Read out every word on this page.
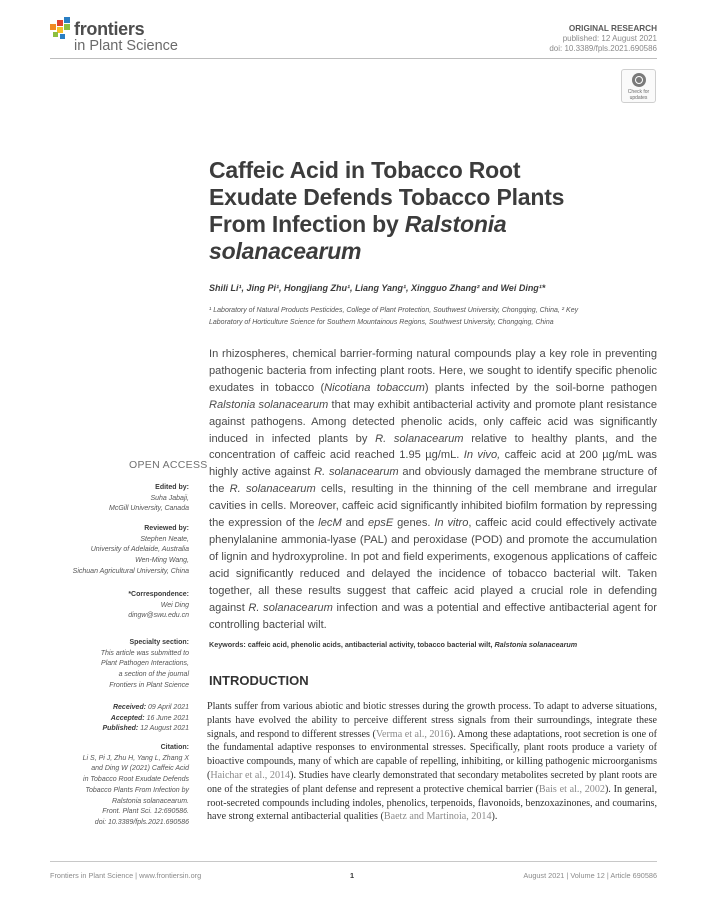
frontiers
in Plant Science
ORIGINAL RESEARCH
published: 12 August 2021
doi: 10.3389/fpls.2021.690586
Check for
updates
Caffeic Acid in Tobacco Root
Exudate Defends Tobacco Plants
From Infection by Ralstonia
solanacearum
Shili Li¹, Jing Pi¹, Hongjiang Zhu¹, Liang Yang¹, Xingguo Zhang² and Wei Ding¹*
¹ Laboratory of Natural Products Pesticides, College of Plant Protection, Southwest University, Chongqing, China, ² Key
Laboratory of Horticulture Science for Southern Mountainous Regions, Southwest University, Chongqing, China
In rhizospheres, chemical barrier-forming natural compounds play a key role in preventing pathogenic bacteria from infecting plant roots. Here, we sought to identify specific phenolic exudates in tobacco (Nicotiana tobaccum) plants infected by the soil-borne pathogen Ralstonia solanacearum that may exhibit antibacterial activity and promote plant resistance against pathogens. Among detected phenolic acids, only caffeic acid was significantly induced in infected plants by R. solanacearum relative to healthy plants, and the concentration of caffeic acid reached 1.95 µg/mL. In vivo, caffeic acid at 200 µg/mL was highly active against R. solanacearum and obviously damaged the membrane structure of the R. solanacearum cells, resulting in the thinning of the cell membrane and irregular cavities in cells. Moreover, caffeic acid significantly inhibited biofilm formation by repressing the expression of the lecM and epsE genes. In vitro, caffeic acid could effectively activate phenylalanine ammonia-lyase (PAL) and peroxidase (POD) and promote the accumulation of lignin and hydroxyproline. In pot and field experiments, exogenous applications of caffeic acid significantly reduced and delayed the incidence of tobacco bacterial wilt. Taken together, all these results suggest that caffeic acid played a crucial role in defending against R. solanacearum infection and was a potential and effective antibacterial agent for controlling bacterial wilt.
Keywords: caffeic acid, phenolic acids, antibacterial activity, tobacco bacterial wilt, Ralstonia solanacearum
INTRODUCTION
Plants suffer from various abiotic and biotic stresses during the growth process. To adapt to adverse situations, plants have evolved the ability to perceive different stress signals from their surroundings, integrate these signals, and respond to different stresses (Verma et al., 2016). Among these adaptations, root secretion is one of the fundamental adaptive responses to environmental stresses. Specifically, plant roots produce a variety of bioactive compounds, many of which are capable of repelling, inhibiting, or killing pathogenic microorganisms (Haichar et al., 2014). Studies have clearly demonstrated that secondary metabolites secreted by plant roots are one of the strategies of plant defense and represent a protective chemical barrier (Bais et al., 2002). In general, root-secreted compounds including indoles, phenolics, terpenoids, flavonoids, benzoxazinones, and coumarins, have strong external antibacterial qualities (Baetz and Martinoia, 2014).
OPEN ACCESS
Edited by:
Suha Jabaji,
McGill University, Canada
Reviewed by:
Stephen Neate,
University of Adelaide, Australia
Wen-Ming Wang,
Sichuan Agricultural University, China
*Correspondence:
Wei Ding
dingw@swu.edu.cn
Specialty section:
This article was submitted to
Plant Pathogen Interactions,
a section of the journal
Frontiers in Plant Science
Received: 09 April 2021
Accepted: 16 June 2021
Published: 12 August 2021
Citation:
Li S, Pi J, Zhu H, Yang L, Zhang X
and Ding W (2021) Caffeic Acid
in Tobacco Root Exudate Defends
Tobacco Plants From Infection by
Ralstonia solanacearum.
Front. Plant Sci. 12:690586.
doi: 10.3389/fpls.2021.690586
Frontiers in Plant Science | www.frontiersin.org	1	August 2021 | Volume 12 | Article 690586
